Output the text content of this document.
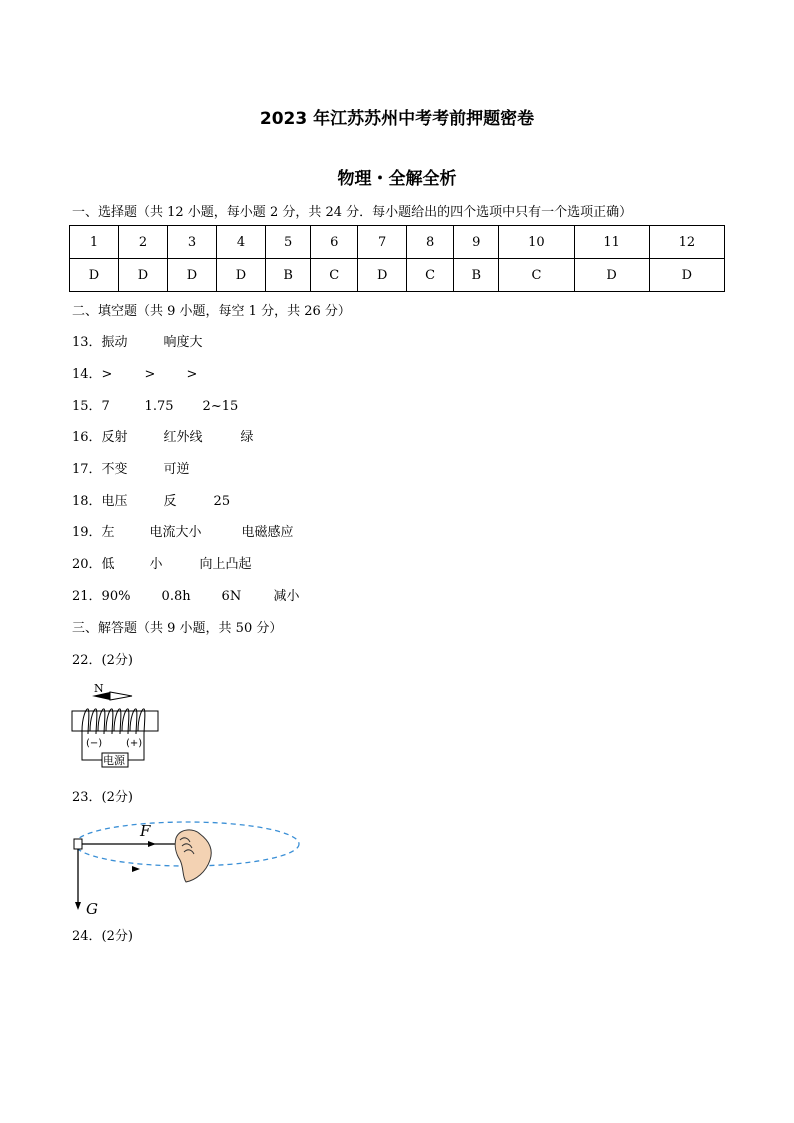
2023 年江苏苏州中考考前押题密卷
物理・全解全析
一、选择题（共 12 小题，每小题 2 分，共 24 分．每小题给出的四个选项中只有一个选项正确）
1	2	3	4	5	6	7	8	9	10	11	12
D	D	D	D	B	C	D	C	B	C	D	D
二、填空题（共 9 小题，每空 1 分，共 26 分）
13．振动	响度大
14．> > >
15．7	1.75 2~15
16．反射	红外线	绿
17．不变	可逆
18．电压	反	25
19．左	电流大小	电磁感应
20．低	小	向上凸起
21．90% 0.8h 6N 减小
三、解答题（共 9 小题，共 50 分）
22．(2分)
N
(−) (+)
电源
23．(2分)
F
G
24．(2分)
